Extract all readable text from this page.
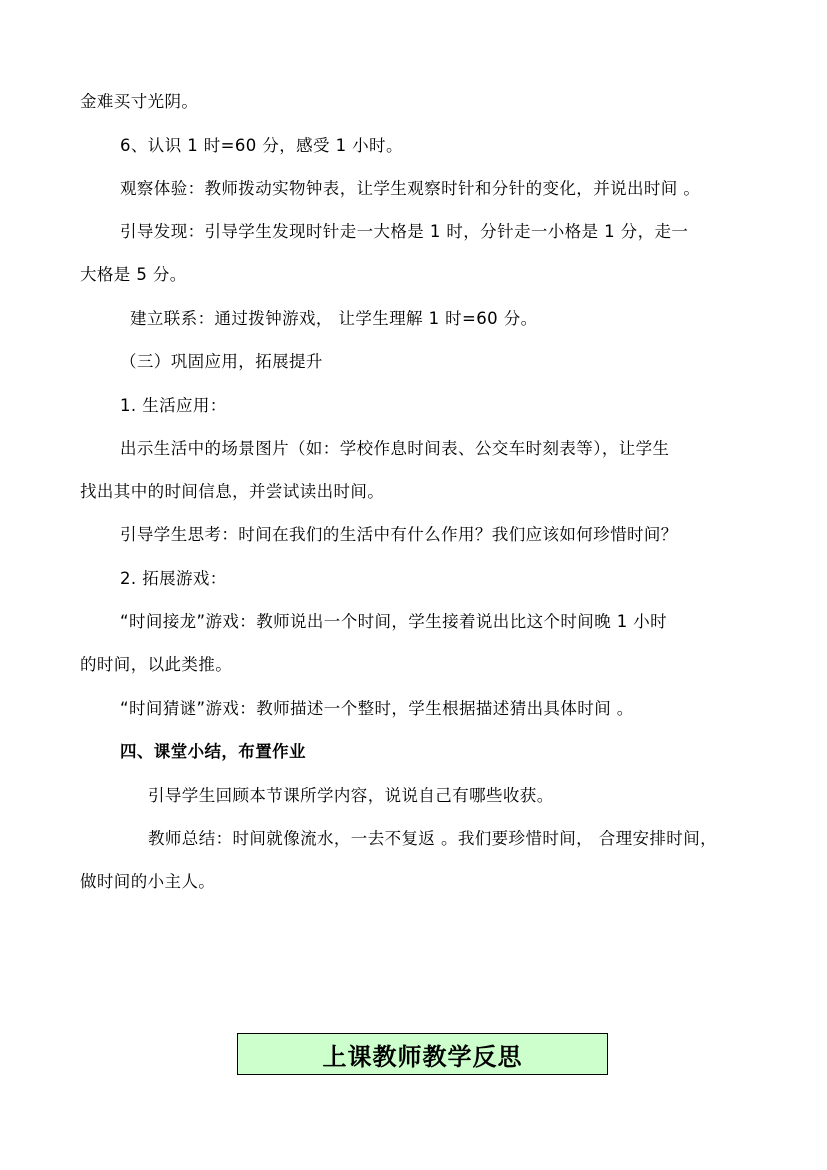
金难买寸光阴。
6、认识 1 时=60 分，感受 1 小时。
观察体验：教师拨动实物钟表，让学生观察时针和分针的变化，并说出时间 。
引导发现：引导学生发现时针走一大格是 1 时，分针走一小格是 1 分，走一
大格是 5 分。
建立联系：通过拨钟游戏， 让学生理解 1 时=60 分。
（三）巩固应用，拓展提升
1. 生活应用：
出示生活中的场景图片（如：学校作息时间表、公交车时刻表等），让学生
找出其中的时间信息，并尝试读出时间。
引导学生思考：时间在我们的生活中有什么作用？我们应该如何珍惜时间？
2. 拓展游戏：
“时间接龙”游戏：教师说出一个时间，学生接着说出比这个时间晚 1 小时
的时间，以此类推。
“时间猜谜”游戏：教师描述一个整时，学生根据描述猜出具体时间 。
四、课堂小结，布置作业
引导学生回顾本节课所学内容，说说自己有哪些收获。
教师总结：时间就像流水，一去不复返 。我们要珍惜时间， 合理安排时间，
做时间的小主人。
上课教师教学反思
